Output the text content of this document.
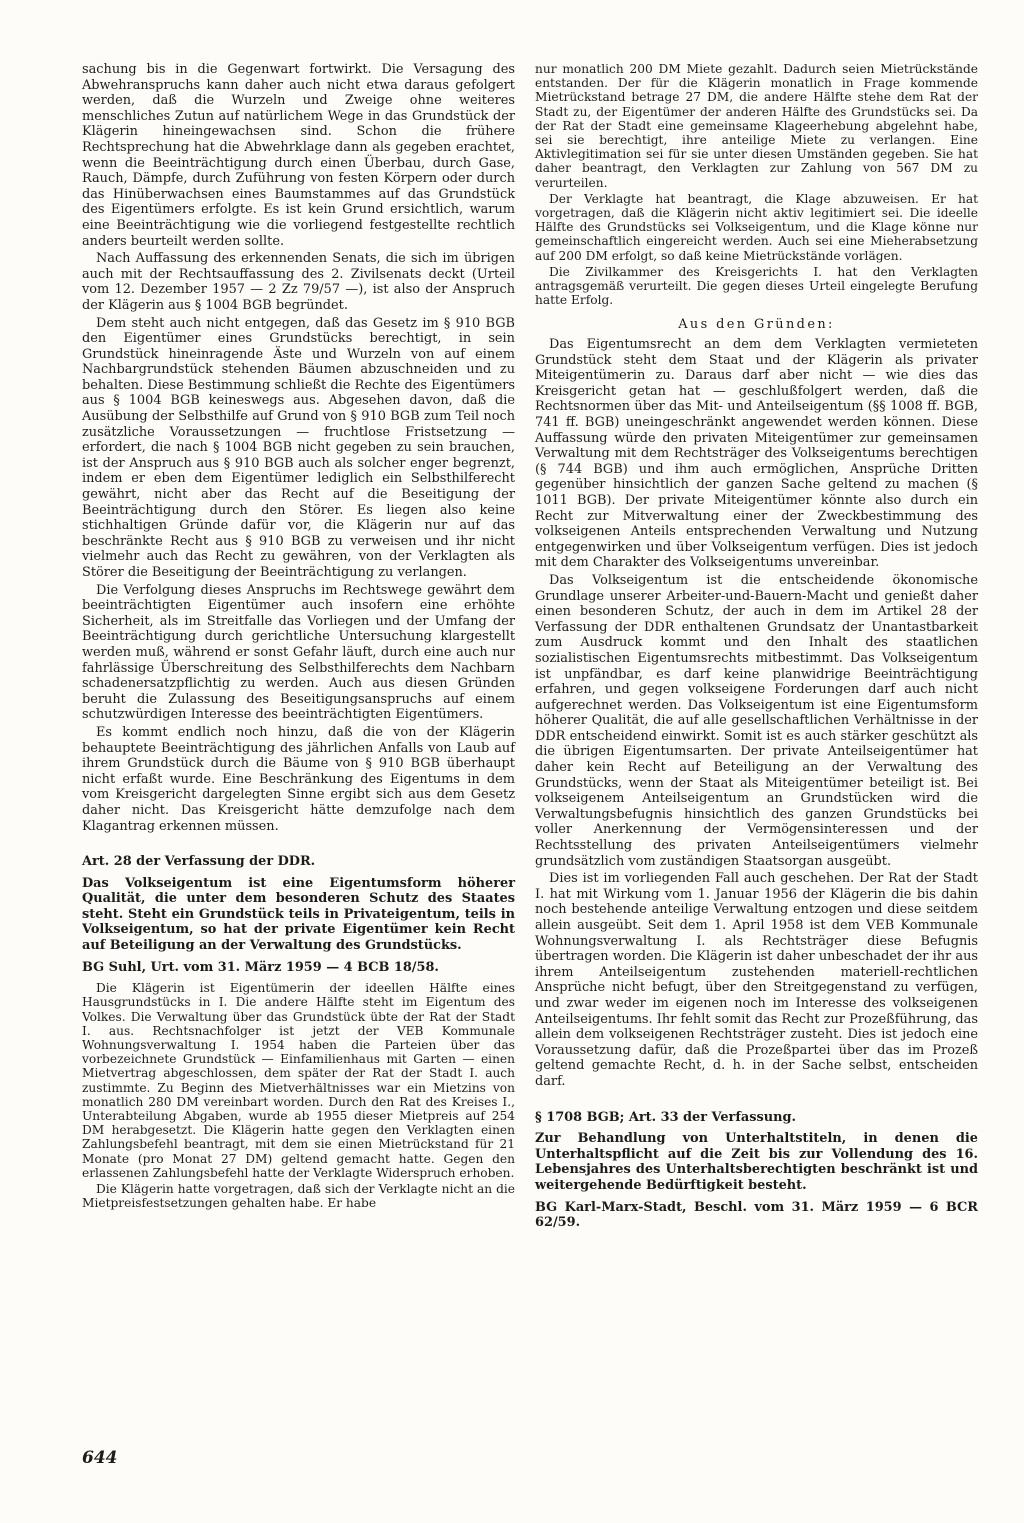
sachung bis in die Gegenwart fortwirkt. Die Versagung des Abwehranspruchs kann daher auch nicht etwa daraus gefolgert werden, daß die Wurzeln und Zweige ohne weiteres menschliches Zutun auf natürlichem Wege in das Grundstück der Klägerin hineingewachsen sind. Schon die frühere Rechtsprechung hat die Abwehrklage dann als gegeben erachtet, wenn die Beeinträchtigung durch einen Überbau, durch Gase, Rauch, Dämpfe, durch Zuführung von festen Körpern oder durch das Hinüberwachsen eines Baumstammes auf das Grundstück des Eigentümers erfolgte. Es ist kein Grund ersichtlich, warum eine Beeinträchtigung wie die vorliegend festgestellte rechtlich anders beurteilt werden sollte.

Nach Auffassung des erkennenden Senats, die sich im übrigen auch mit der Rechtsauffassung des 2. Zivilsenats deckt (Urteil vom 12. Dezember 1957 — 2 Zz 79/57 —), ist also der Anspruch der Klägerin aus § 1004 BGB begründet.

Dem steht auch nicht entgegen, daß das Gesetz im § 910 BGB den Eigentümer eines Grundstücks berechtigt, in sein Grundstück hineinragende Äste und Wurzeln von auf einem Nachbargrundstück stehenden Bäumen abzuschneiden und zu behalten. Diese Bestimmung schließt die Rechte des Eigentümers aus § 1004 BGB keineswegs aus. Abgesehen davon, daß die Ausübung der Selbsthilfe auf Grund von § 910 BGB zum Teil noch zusätzliche Voraussetzungen — fruchtlose Fristsetzung — erfordert, die nach § 1004 BGB nicht gegeben zu sein brauchen, ist der Anspruch aus § 910 BGB auch als solcher enger begrenzt, indem er eben dem Eigentümer lediglich ein Selbsthilferecht gewährt, nicht aber das Recht auf die Beseitigung der Beeinträchtigung durch den Störer. Es liegen also keine stichhaltigen Gründe dafür vor, die Klägerin nur auf das beschränkte Recht aus § 910 BGB zu verweisen und ihr nicht vielmehr auch das Recht zu gewähren, von der Verklagten als Störer die Beseitigung der Beeinträchtigung zu verlangen.

Die Verfolgung dieses Anspruchs im Rechtswege gewährt dem beeinträchtigten Eigentümer auch insofern eine erhöhte Sicherheit, als im Streitfalle das Vorliegen und der Umfang der Beeinträchtigung durch gerichtliche Untersuchung klargestellt werden muß, während er sonst Gefahr läuft, durch eine auch nur fahrlässige Überschreitung des Selbsthilferechts dem Nachbarn schadenersatzpflichtig zu werden. Auch aus diesen Gründen beruht die Zulassung des Beseitigungsanspruchs auf einem schutzwürdigen Interesse des beeinträchtigten Eigentümers.

Es kommt endlich noch hinzu, daß die von der Klägerin behauptete Beeinträchtigung des jährlichen Anfalls von Laub auf ihrem Grundstück durch die Bäume von § 910 BGB überhaupt nicht erfaßt wurde. Eine Beschränkung des Eigentums in dem vom Kreisgericht dargelegten Sinne ergibt sich aus dem Gesetz daher nicht. Das Kreisgericht hätte demzufolge nach dem Klagantrag erkennen müssen.

Art. 28 der Verfassung der DDR.

Das Volkseigentum ist eine Eigentumsform höherer Qualität, die unter dem besonderen Schutz des Staates steht. Steht ein Grundstück teils in Privateigentum, teils in Volkseigentum, so hat der private Eigentümer kein Recht auf Beteiligung an der Verwaltung des Grundstücks.

BG Suhl, Urt. vom 31. März 1959 — 4 BCB 18/58.

Die Klägerin ist Eigentümerin der ideellen Hälfte eines Hausgrundstücks in I. Die andere Hälfte steht im Eigentum des Volkes. Die Verwaltung über das Grundstück übte der Rat der Stadt I. aus. Rechtsnachfolger ist jetzt der VEB Kommunale Wohnungsverwaltung I. 1954 haben die Parteien über das vorbezeichnete Grundstück — Einfamilienhaus mit Garten — einen Mietvertrag abgeschlossen, dem später der Rat der Stadt I. auch zustimmte. Zu Beginn des Mietverhältnisses war ein Mietzins von monatlich 280 DM vereinbart worden. Durch den Rat des Kreises I., Unterabteilung Abgaben, wurde ab 1955 dieser Mietpreis auf 254 DM herabgesetzt. Die Klägerin hatte gegen den Verklagten einen Zahlungsbefehl beantragt, mit dem sie einen Mietrückstand für 21 Monate (pro Monat 27 DM) geltend gemacht hatte. Gegen den erlassenen Zahlungsbefehl hatte der Verklagte Widerspruch erhoben.

Die Klägerin hatte vorgetragen, daß sich der Verklagte nicht an die Mietpreisfestsetzungen gehalten habe. Er habe

nur monatlich 200 DM Miete gezahlt. Dadurch seien Mietrückstände entstanden. Der für die Klägerin monatlich in Frage kommende Mietrückstand betrage 27 DM, die andere Hälfte stehe dem Rat der Stadt zu, der Eigentümer der anderen Hälfte des Grundstücks sei. Da der Rat der Stadt eine gemeinsame Klageerhebung abgelehnt habe, sei sie berechtigt, ihre anteilige Miete zu verlangen. Eine Aktivlegitimation sei für sie unter diesen Umständen gegeben. Sie hat daher beantragt, den Verklagten zur Zahlung von 567 DM zu verurteilen.

Der Verklagte hat beantragt, die Klage abzuweisen. Er hat vorgetragen, daß die Klägerin nicht aktiv legitimiert sei. Die ideelle Hälfte des Grundstücks sei Volkseigentum, und die Klage könne nur gemeinschaftlich eingereicht werden. Auch sei eine Mieherabsetzung auf 200 DM erfolgt, so daß keine Mietrückstände vorlägen.

Die Zivilkammer des Kreisgerichts I. hat den Verklagten antragsgemäß verurteilt. Die gegen dieses Urteil eingelegte Berufung hatte Erfolg.

Aus den Gründen:

Das Eigentumsrecht an dem dem Verklagten vermieteten Grundstück steht dem Staat und der Klägerin als privater Miteigentümerin zu. Daraus darf aber nicht — wie dies das Kreisgericht getan hat — geschlußfolgert werden, daß die Rechtsnormen über das Mit- und Anteilseigentum (§§ 1008 ff. BGB, 741 ff. BGB) uneingeschränkt angewendet werden können. Diese Auffassung würde den privaten Miteigentümer zur gemeinsamen Verwaltung mit dem Rechtsträger des Volkseigentums berechtigen (§ 744 BGB) und ihm auch ermöglichen, Ansprüche Dritten gegenüber hinsichtlich der ganzen Sache geltend zu machen (§ 1011 BGB). Der private Miteigentümer könnte also durch ein Recht zur Mitverwaltung einer der Zweckbestimmung des volkseigenen Anteils entsprechenden Verwaltung und Nutzung entgegenwirken und über Volkseigentum verfügen. Dies ist jedoch mit dem Charakter des Volkseigentums unvereinbar.

Das Volkseigentum ist die entscheidende ökonomische Grundlage unserer Arbeiter-und-Bauern-Macht und genießt daher einen besonderen Schutz, der auch in dem im Artikel 28 der Verfassung der DDR enthaltenen Grundsatz der Unantastbarkeit zum Ausdruck kommt und den Inhalt des staatlichen sozialistischen Eigentumsrechts mitbestimmt. Das Volkseigentum ist unpfändbar, es darf keine planwidrige Beeinträchtigung erfahren, und gegen volkseigene Forderungen darf auch nicht aufgerechnet werden. Das Volkseigentum ist eine Eigentumsform höherer Qualität, die auf alle gesellschaftlichen Verhältnisse in der DDR entscheidend einwirkt. Somit ist es auch stärker geschützt als die übrigen Eigentumsarten. Der private Anteilseigentümer hat daher kein Recht auf Beteiligung an der Verwaltung des Grundstücks, wenn der Staat als Miteigentümer beteiligt ist. Bei volkseigenem Anteilseigentum an Grundstücken wird die Verwaltungsbefugnis hinsichtlich des ganzen Grundstücks bei voller Anerkennung der Vermögensinteressen und der Rechtsstellung des privaten Anteilseigentümers vielmehr grundsätzlich vom zuständigen Staatsorgan ausgeübt.

Dies ist im vorliegenden Fall auch geschehen. Der Rat der Stadt I. hat mit Wirkung vom 1. Januar 1956 der Klägerin die bis dahin noch bestehende anteilige Verwaltung entzogen und diese seitdem allein ausgeübt. Seit dem 1. April 1958 ist dem VEB Kommunale Wohnungsverwaltung I. als Rechtsträger diese Befugnis übertragen worden. Die Klägerin ist daher unbeschadet der ihr aus ihrem Anteilseigentum zustehenden materiell-rechtlichen Ansprüche nicht befugt, über den Streitgegenstand zu verfügen, und zwar weder im eigenen noch im Interesse des volkseigenen Anteilseigentums. Ihr fehlt somit das Recht zur Prozeßführung, das allein dem volkseigenen Rechtsträger zusteht. Dies ist jedoch eine Voraussetzung dafür, daß die Prozeßpartei über das im Prozeß geltend gemachte Recht, d. h. in der Sache selbst, entscheiden darf.

§ 1708 BGB; Art. 33 der Verfassung.

Zur Behandlung von Unterhaltstiteln, in denen die Unterhaltspflicht auf die Zeit bis zur Vollendung des 16. Lebensjahres des Unterhaltsberechtigten beschränkt ist und weitergehende Bedürftigkeit besteht.

BG Karl-Marx-Stadt, Beschl. vom 31. März 1959 — 6 BCR 62/59.

644
